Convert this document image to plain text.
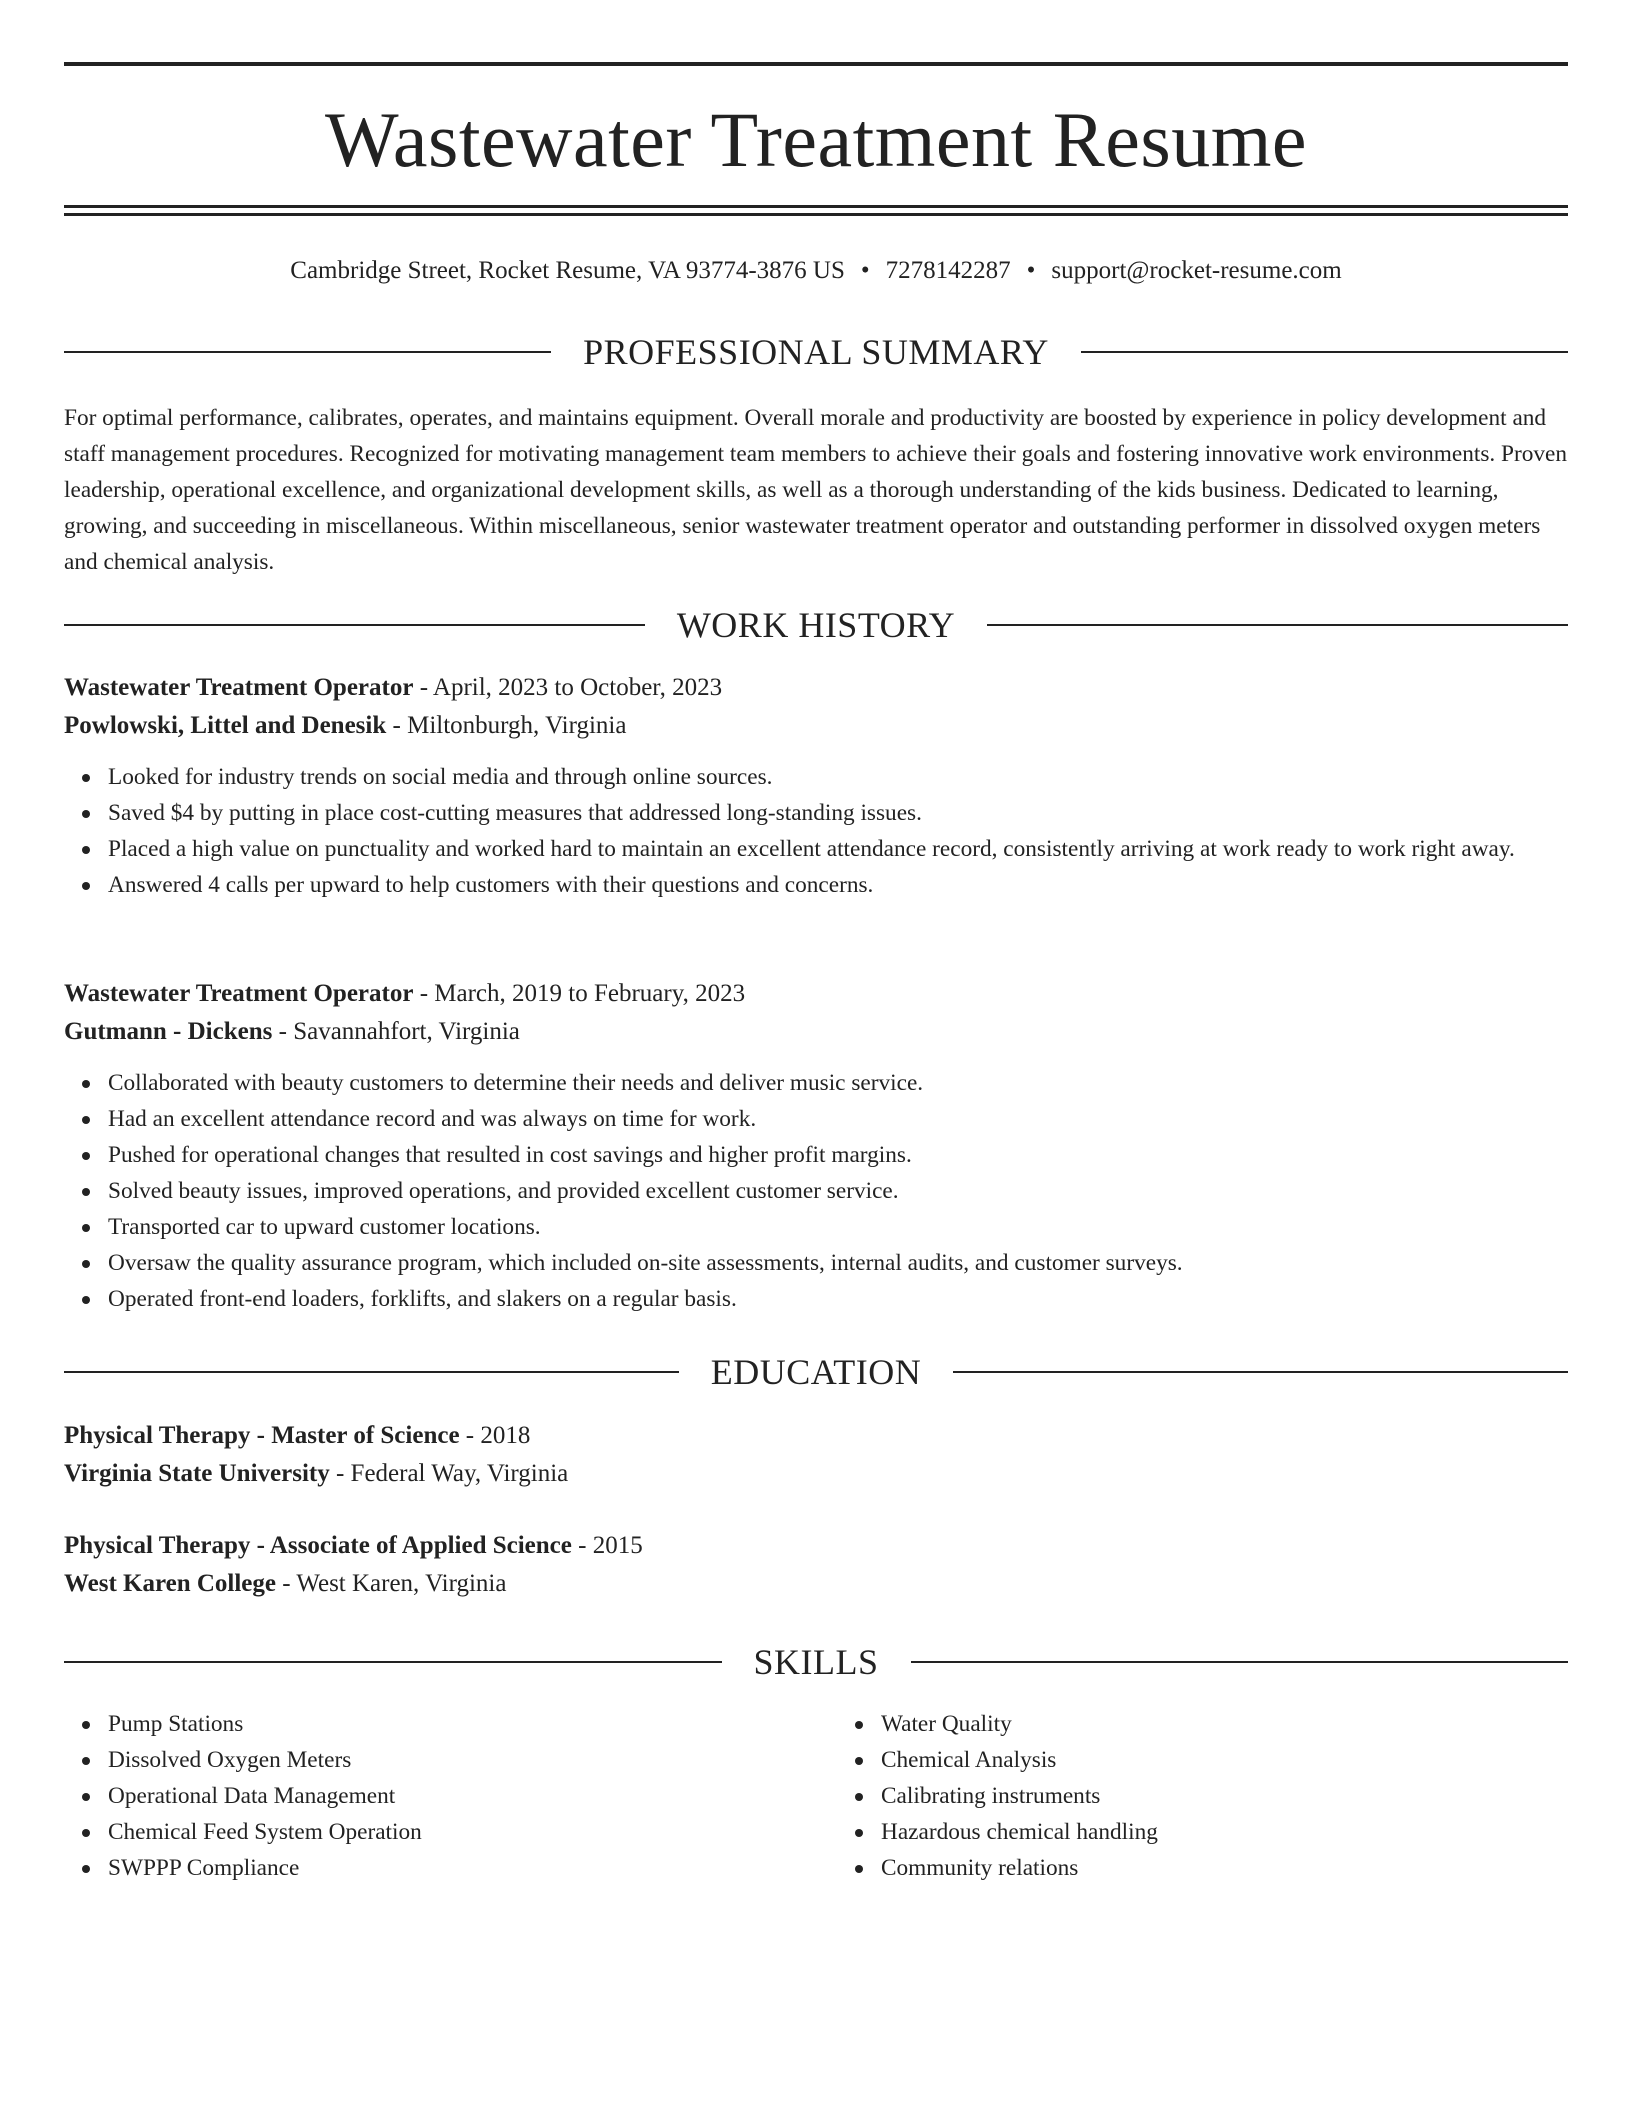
Wastewater Treatment Resume
Cambridge Street, Rocket Resume, VA 93774-3876 US • 7278142287 • support@rocket-resume.com
PROFESSIONAL SUMMARY

For optimal performance, calibrates, operates, and maintains equipment. Overall morale and productivity are boosted by experience in policy development and staff management procedures. Recognized for motivating management team members to achieve their goals and fostering innovative work environments. Proven leadership, operational excellence, and organizational development skills, as well as a thorough understanding of the kids business. Dedicated to learning, growing, and succeeding in miscellaneous. Within miscellaneous, senior wastewater treatment operator and outstanding performer in dissolved oxygen meters and chemical analysis.

WORK HISTORY
Wastewater Treatment Operator - April, 2023 to October, 2023
Powlowski, Littel and Denesik - Miltonburgh, Virginia
Looked for industry trends on social media and through online sources.
Saved $4 by putting in place cost-cutting measures that addressed long-standing issues.
Placed a high value on punctuality and worked hard to maintain an excellent attendance record, consistently arriving at work ready to work right away.
Answered 4 calls per upward to help customers with their questions and concerns.
Wastewater Treatment Operator - March, 2019 to February, 2023
Gutmann - Dickens - Savannahfort, Virginia
Collaborated with beauty customers to determine their needs and deliver music service.
Had an excellent attendance record and was always on time for work.
Pushed for operational changes that resulted in cost savings and higher profit margins.
Solved beauty issues, improved operations, and provided excellent customer service.
Transported car to upward customer locations.
Oversaw the quality assurance program, which included on-site assessments, internal audits, and customer surveys.
Operated front-end loaders, forklifts, and slakers on a regular basis.
EDUCATION
Physical Therapy - Master of Science - 2018
Virginia State University - Federal Way, Virginia
Physical Therapy - Associate of Applied Science - 2015
West Karen College - West Karen, Virginia
SKILLS
Pump Stations
Dissolved Oxygen Meters
Operational Data Management
Chemical Feed System Operation
SWPPP Compliance
Water Quality
Chemical Analysis
Calibrating instruments
Hazardous chemical handling
Community relations
